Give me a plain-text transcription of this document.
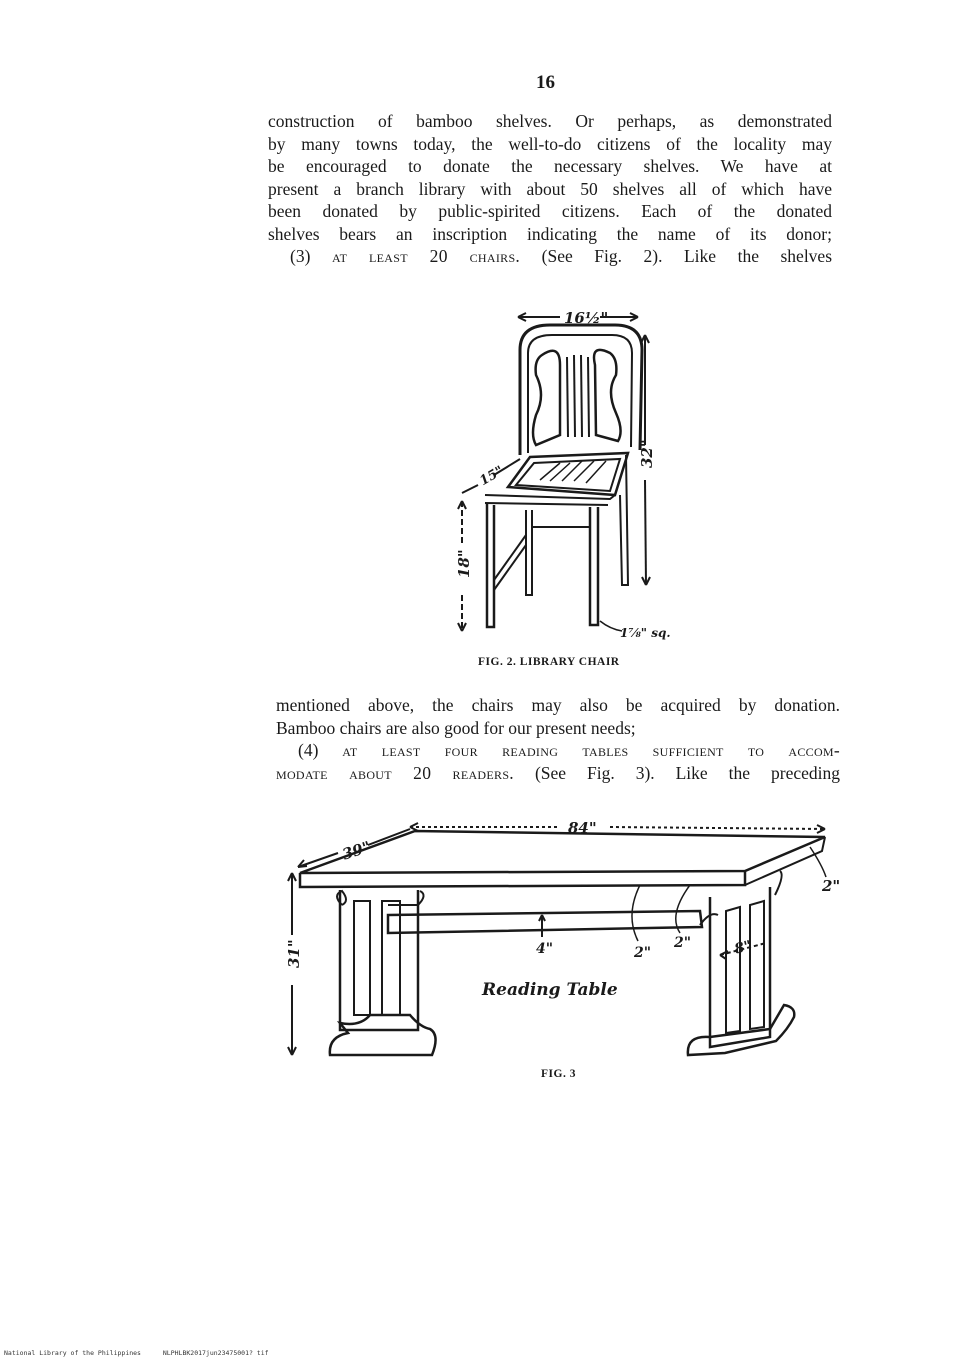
16
construction of bamboo shelves. Or perhaps, as demonstrated
by many towns today, the well-to-do citizens of the locality may
be encouraged to donate the necessary shelves. We have at
present a branch library with about 50 shelves all of which have
been donated by public-spirited citizens. Each of the donated
shelves bears an inscription indicating the name of its donor;
(3) at least 20 chairs. (See Fig. 2). Like the shelves
16½"
32"
15"
18"
1⅞" sq.
FIG. 2. LIBRARY CHAIR
mentioned above, the chairs may also be acquired by donation.
Bamboo chairs are also good for our present needs;
(4) at least four reading tables sufficient to accom-
modate about 20 readers. (See Fig. 3). Like the preceding
84"
39"
2"
31"	4"	2"
2"	8"
Reading Table
FIG. 3
National Library of the Philippines	NLPHLBK2017jun23475001? tif
